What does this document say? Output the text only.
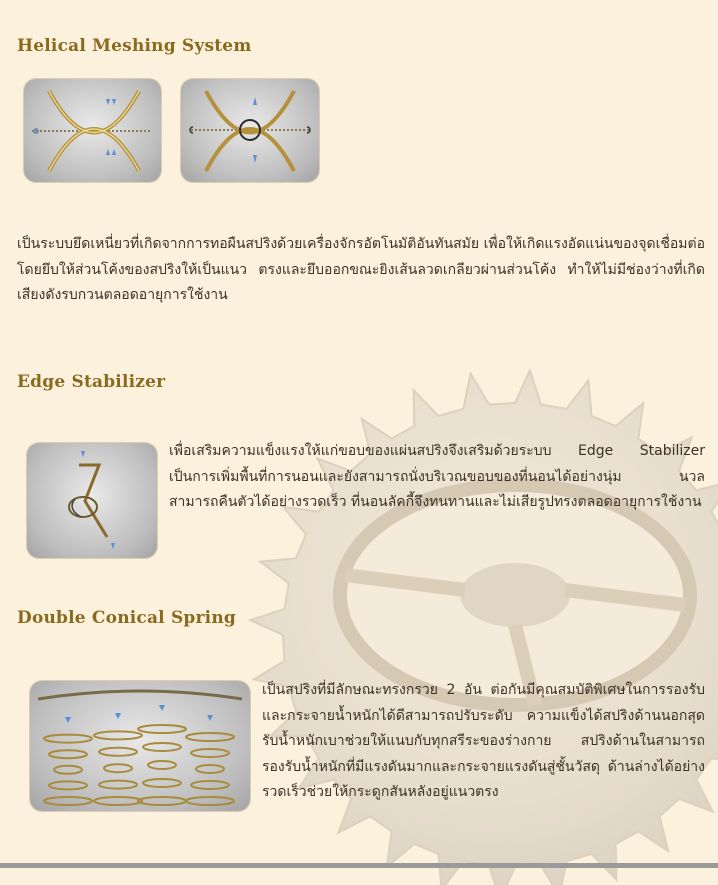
Helical Meshing System

เป็นระบบยึดเหนี่ยวที่เกิดจากการทอผืนสปริงด้วยเครื่องจักรอัตโนมัติอันทันสมัย เพื่อให้เกิดแรงอัดแน่นของจุดเชื่อมต่อโดยยึบให้ส่วนโค้งของสปริงให้เป็นแนว ตรงและยึบออกขณะยิงเส้นลวดเกลียวผ่านส่วนโค้ง ทำให้ไม่มีช่องว่างที่เกิดเสียงดังรบกวนตลอดอายุการใช้งาน

Edge Stabilizer

เพื่อเสริมความแข็งแรงให้แก่ขอบของแผ่นสปริงจึงเสริมด้วยระบบ Edge Stabilizer เป็นการเพิ่มพื้นที่การนอนและยังสามารถนั่งบริเวณขอบของที่นอนได้อย่างนุ่ม นวล สามารถคืนตัวได้อย่างรวดเร็ว ที่นอนลัคกี้จึงทนทานและไม่เสียรูปทรงตลอดอายุการใช้งาน

Double Conical Spring

เป็นสปริงที่มีลักษณะทรงกรวย 2 อัน ต่อกันมีคุณสมบัติพิเศษในการรองรับและกระจายน้ำหนักได้ดีสามารถปรับระดับ ความแข็งได้สปริงด้านนอกสุดรับน้ำหนักเบาช่วยให้แนบกับทุกสรีระของร่างกาย สปริงด้านในสามารถรองรับน้ำหนักที่มีแรงดันมากและกระจายแรงดันสู่ชั้นวัสดุ ด้านล่างได้อย่างรวดเร็วช่วยให้กระดูกสันหลังอยู่แนวตรง
